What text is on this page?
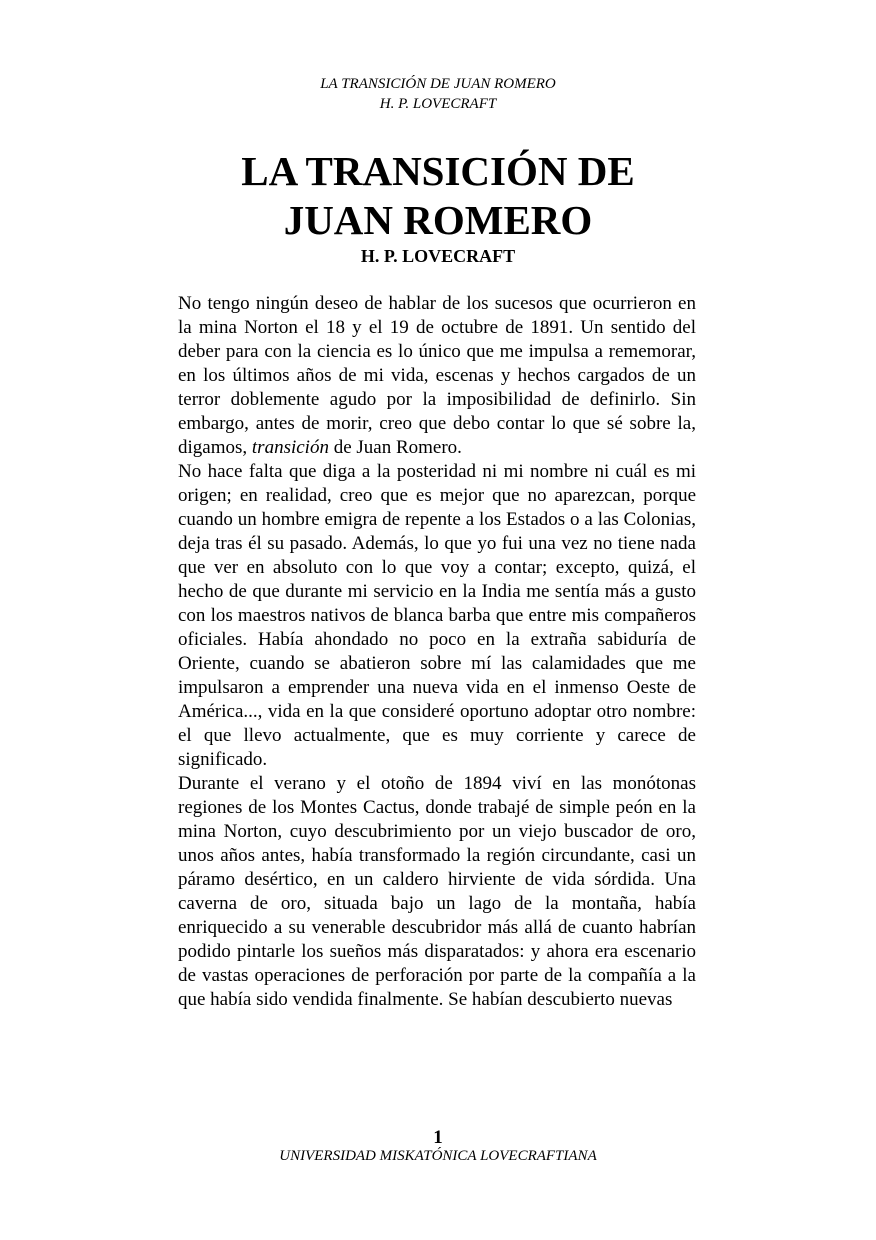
LA TRANSICIÓN DE JUAN ROMERO
H. P. LOVECRAFT
LA TRANSICIÓN DE
JUAN ROMERO
H. P. LOVECRAFT

No tengo ningún deseo de hablar de los sucesos que ocurrieron en la mina Norton el 18 y el 19 de octubre de 1891. Un sentido del deber para con la ciencia es lo único que me impulsa a rememorar, en los últimos años de mi vida, escenas y hechos cargados de un terror doblemente agudo por la imposibilidad de definirlo. Sin embargo, antes de morir, creo que debo contar lo que sé sobre la, digamos, transición de Juan Romero.

No hace falta que diga a la posteridad ni mi nombre ni cuál es mi origen; en realidad, creo que es mejor que no aparezcan, porque cuando un hombre emigra de repente a los Estados o a las Colonias, deja tras él su pasado. Además, lo que yo fui una vez no tiene nada que ver en absoluto con lo que voy a contar; excepto, quizá, el hecho de que durante mi servicio en la India me sentía más a gusto con los maestros nativos de blanca barba que entre mis compañeros oficiales. Había ahondado no poco en la extraña sabiduría de Oriente, cuando se abatieron sobre mí las calamidades que me impulsaron a emprender una nueva vida en el inmenso Oeste de América..., vida en la que consideré oportuno adoptar otro nombre: el que llevo actualmente, que es muy corriente y carece de significado.

Durante el verano y el otoño de 1894 viví en las monótonas regiones de los Montes Cactus, donde trabajé de simple peón en la mina Norton, cuyo descubrimiento por un viejo buscador de oro, unos años antes, había transformado la región circundante, casi un páramo desértico, en un caldero hirviente de vida sórdida. Una caverna de oro, situada bajo un lago de la montaña, había enriquecido a su venerable descubridor más allá de cuanto habrían podido pintarle los sueños más disparatados: y ahora era escenario de vastas operaciones de perforación por parte de la compañía a la que había sido vendida finalmente. Se habían descubierto nuevas

1
UNIVERSIDAD MISKATÓNICA LOVECRAFTIANA
